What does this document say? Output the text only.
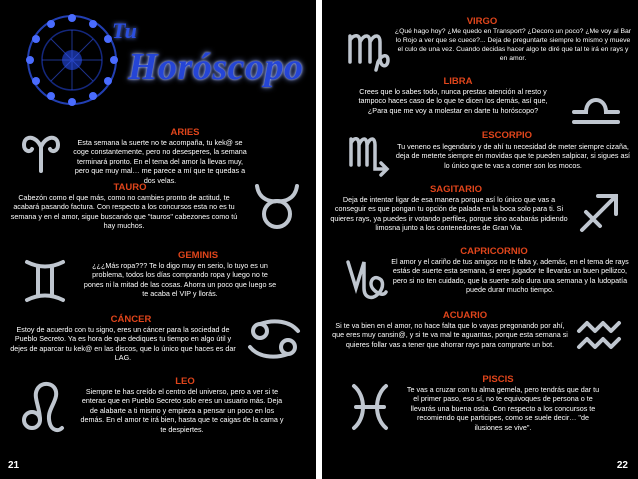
Tu
Horóscopo
ARIES
Esta semana la suerte no te acompaña, tu kek@ se coge constantemente, pero no desesperes, la semana terminará pronto. En el tema del amor la llevas muy, pero que muy mal… me parece a mí que te quedas a dos velas.
TAURO
Cabezón como el que más, como no cambies pronto de actitud, te acabará pasando factura. Con respecto a los concursos esta no es tu semana y en el amor, sigue buscando que "tauros" cabezones como tú hay muchos.
GEMINIS
¿¿¿Más ropa??? Te lo digo muy en serio, lo tuyo es un problema, todos los días comprando ropa y luego no te pones ni la mitad de las cosas. Ahorra un poco que luego se te acaba el VIP y llorás.
CÁNCER
Estoy de acuerdo con tu signo, eres un cáncer para la sociedad de Pueblo Secreto. Ya es hora de que dediques tu tiempo en algo útil y dejes de aparcar tu kek@ en las discos, que lo único que haces es dar LAG.
LEO
Siempre te has creído el centro del universo, pero a ver si te enteras que en Pueblo Secreto solo eres un usuario más. Deja de alabarte a ti mismo y empieza a pensar un poco en los demás. En el amor te irá bien, hasta que te caigas de la cama y te despiertes.
21
VIRGO
¿Qué hago hoy? ¿Me quedo en Transport? ¿Decoro un poco? ¿Me voy al Bar lo Rojo a ver que se cuece?... Deja de preguntarte siempre lo mismo y mueve el culo de una vez. Cuando decidas hacer algo te diré que tal te irá en rays y en amor.
LIBRA
Crees que lo sabes todo, nunca prestas atención al resto y tampoco haces caso de lo que te dicen los demás, así que, ¿Para que me voy a molestar en darte tu horóscopo?
ESCORPIO
Tu veneno es legendario y de ahí tu necesidad de meter siempre cizaña, deja de meterte siempre en movidas que te pueden salpicar, si sigues así lo único que te vas a comer son los mocos.
SAGITARIO
Deja de intentar ligar de esa manera porque así lo único que vas a conseguir es que pongan tu opción de palada en la boca solo para ti. Si quieres rays, ya puedes ir votando perfiles, porque sino acabarás pidiendo limosna junto a los contenedores de Gran Via.
CAPRICORNIO
El amor y el cariño de tus amigos no te falta y, además, en el tema de rays estás de suerte esta semana, si eres jugador te llevarás un buen pellizco, pero si no ten cuidado, que la suerte solo dura una semana y la ludopatía puede durar mucho tiempo.
ACUARIO
Si te va bien en el amor, no hace falta que lo vayas pregonando por ahí, que eres muy cansin@, y si te va mal te aguantas, porque esta semana si quieres follar vas a tener que ahorrar rays para comprarte un bot.
PISCIS
Te vas a cruzar con tu alma gemela, pero tendrás que dar tu el primer paso, eso sí, no te equivoques de persona o te llevarás una buena ostia. Con respecto a los concursos te recomiendo que participes, como se suele decir… "de ilusiones se vive".
22
